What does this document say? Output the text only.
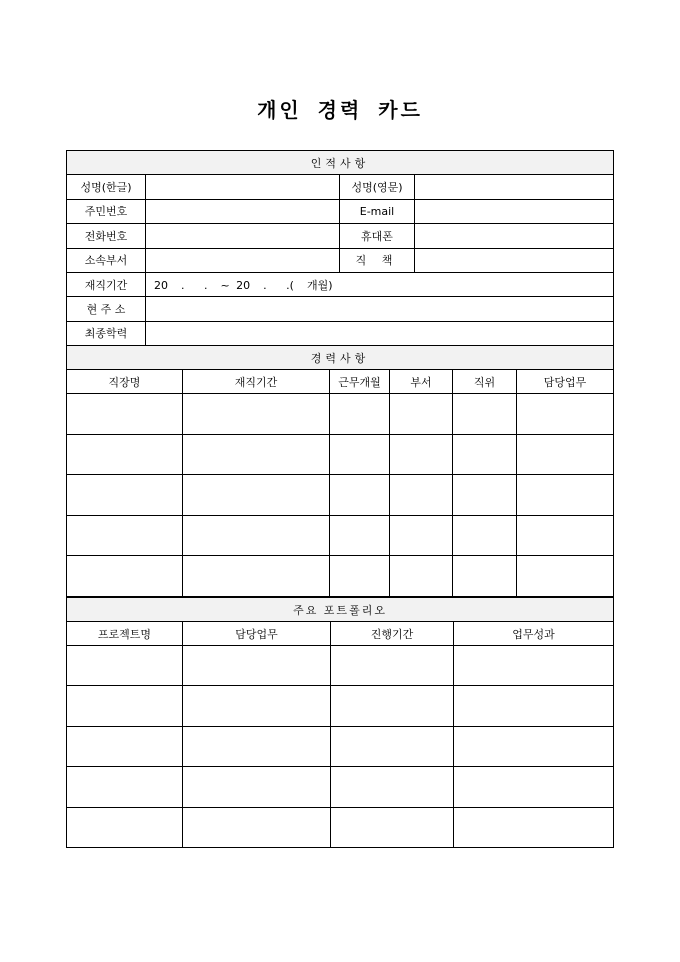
개인 경력 카드
인적사항			
성명(한글)		성명(영문)	
주민번호		E-mail	
전화번호		휴대폰	
소속부서		직 책	
재직기간	20  .   .  ~ 20  .   .(  개월)		
현 주 소			
최종학력			
경력사항					
직장명	재직기간	근무개월	부서	직위	담당업무

주요 포트폴리오			
프로젝트명	담당업무	진행기간	업무성과
